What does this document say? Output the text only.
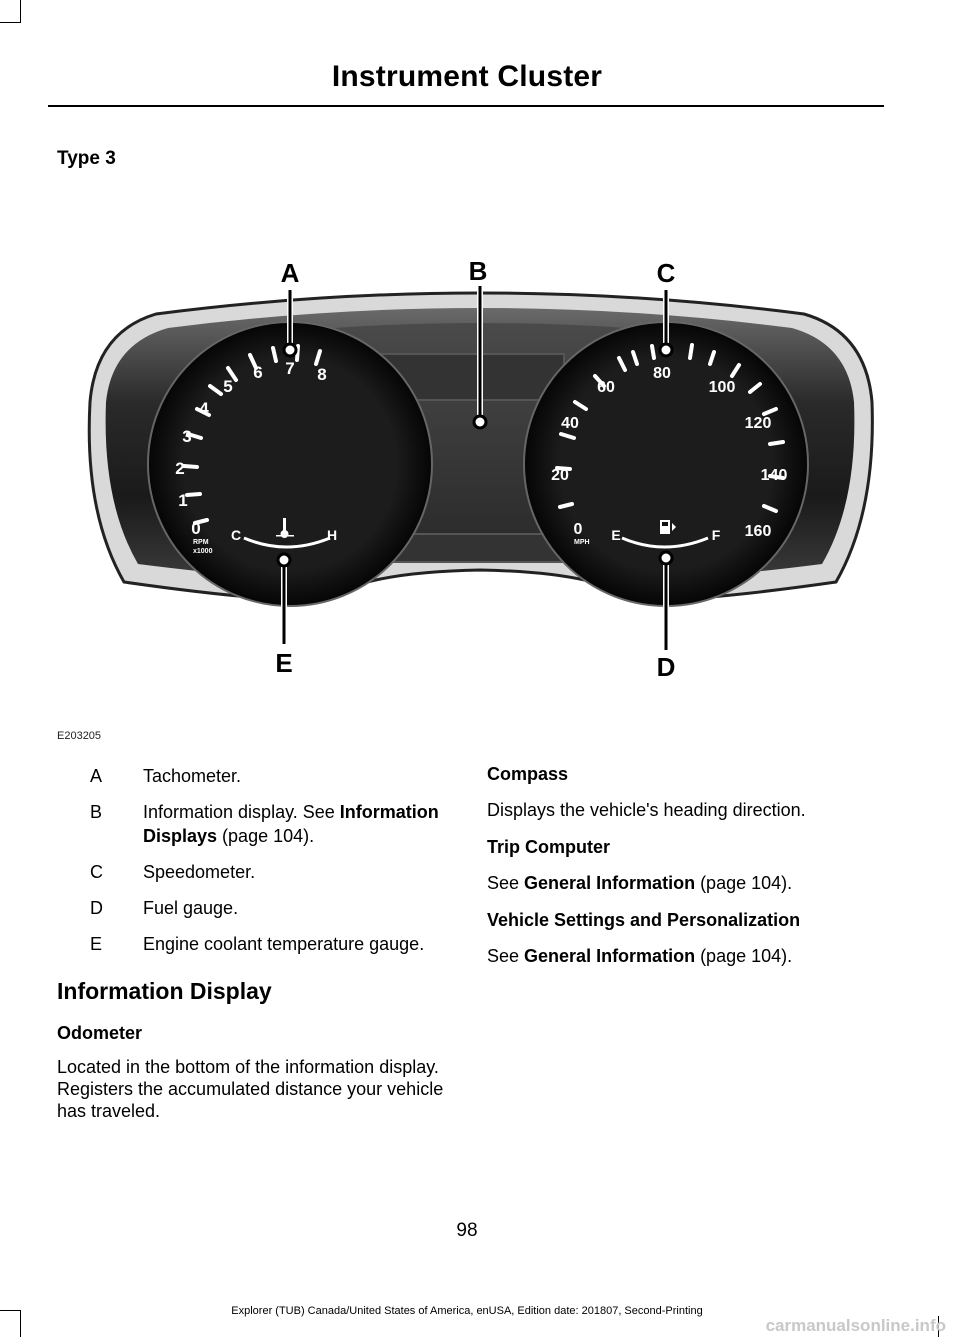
Instrument Cluster
Type 3
0
1
2
3
4
5
6 7 8
RPM
x1000
C	H	0
20
40
60
80
100
120
140
160
MPH E	F
A	B	C
D
E
E203205
A Tachometer.
B Information display. See Information Displays (page 104).
C Speedometer.
D Fuel gauge.
E Engine coolant temperature gauge.
Information Display
Odometer
Located in the bottom of the information display. Registers the accumulated distance your vehicle has traveled.
Compass
Displays the vehicle's heading direction.
Trip Computer
See General Information (page 104).
Vehicle Settings and Personalization
See General Information (page 104).
98
Explorer (TUB) Canada/United States of America, enUSA, Edition date: 201807, Second-Printing
carmanualsonline.info
